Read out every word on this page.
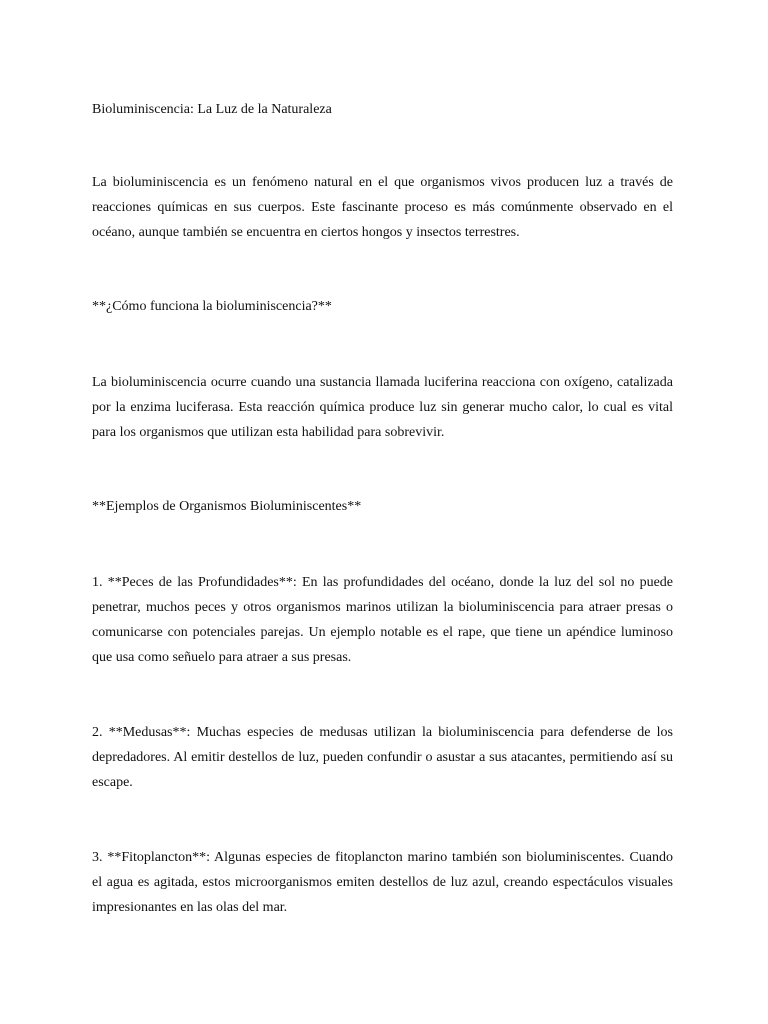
Bioluminiscencia: La Luz de la Naturaleza

La bioluminiscencia es un fenómeno natural en el que organismos vivos producen luz a través de reacciones químicas en sus cuerpos. Este fascinante proceso es más comúnmente observado en el océano, aunque también se encuentra en ciertos hongos y insectos terrestres.

**¿Cómo funciona la bioluminiscencia?**

La bioluminiscencia ocurre cuando una sustancia llamada luciferina reacciona con oxígeno, catalizada por la enzima luciferasa. Esta reacción química produce luz sin generar mucho calor, lo cual es vital para los organismos que utilizan esta habilidad para sobrevivir.

**Ejemplos de Organismos Bioluminiscentes**

1. **Peces de las Profundidades**: En las profundidades del océano, donde la luz del sol no puede penetrar, muchos peces y otros organismos marinos utilizan la bioluminiscencia para atraer presas o comunicarse con potenciales parejas. Un ejemplo notable es el rape, que tiene un apéndice luminoso que usa como señuelo para atraer a sus presas.

2. **Medusas**: Muchas especies de medusas utilizan la bioluminiscencia para defenderse de los depredadores. Al emitir destellos de luz, pueden confundir o asustar a sus atacantes, permitiendo así su escape.

3. **Fitoplancton**: Algunas especies de fitoplancton marino también son bioluminiscentes. Cuando el agua es agitada, estos microorganismos emiten destellos de luz azul, creando espectáculos visuales impresionantes en las olas del mar.
